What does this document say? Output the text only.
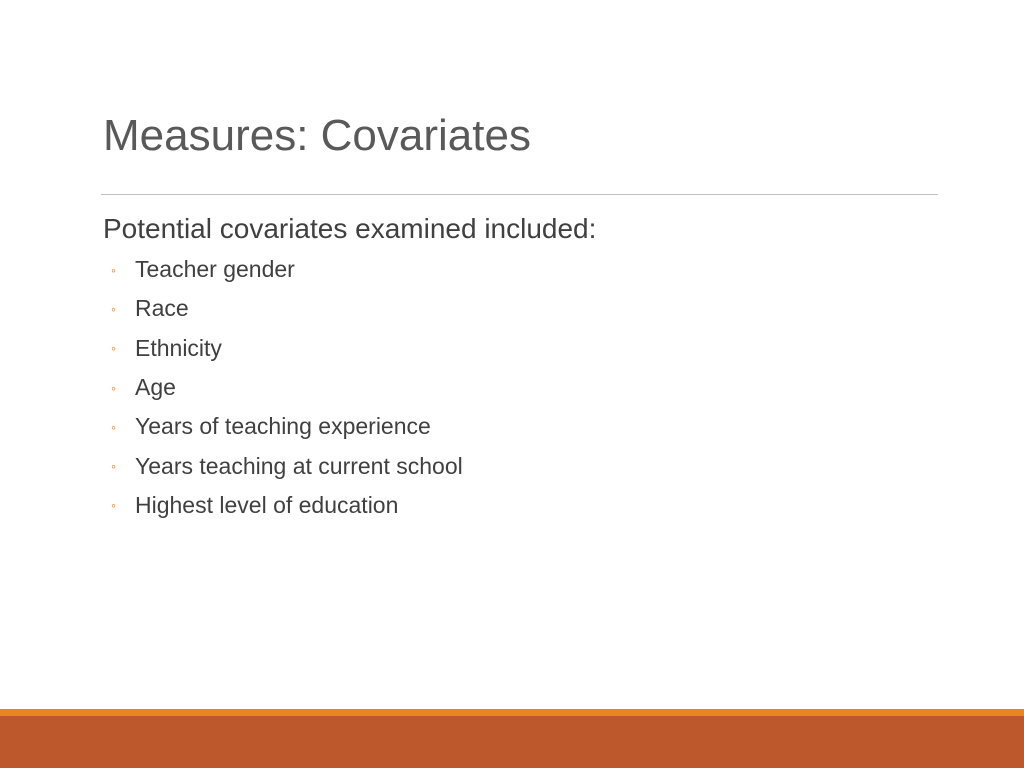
Measures: Covariates
Potential covariates examined included:
◦ Teacher gender
◦ Race
◦ Ethnicity
◦ Age
◦ Years of teaching experience
◦ Years teaching at current school
◦ Highest level of education
